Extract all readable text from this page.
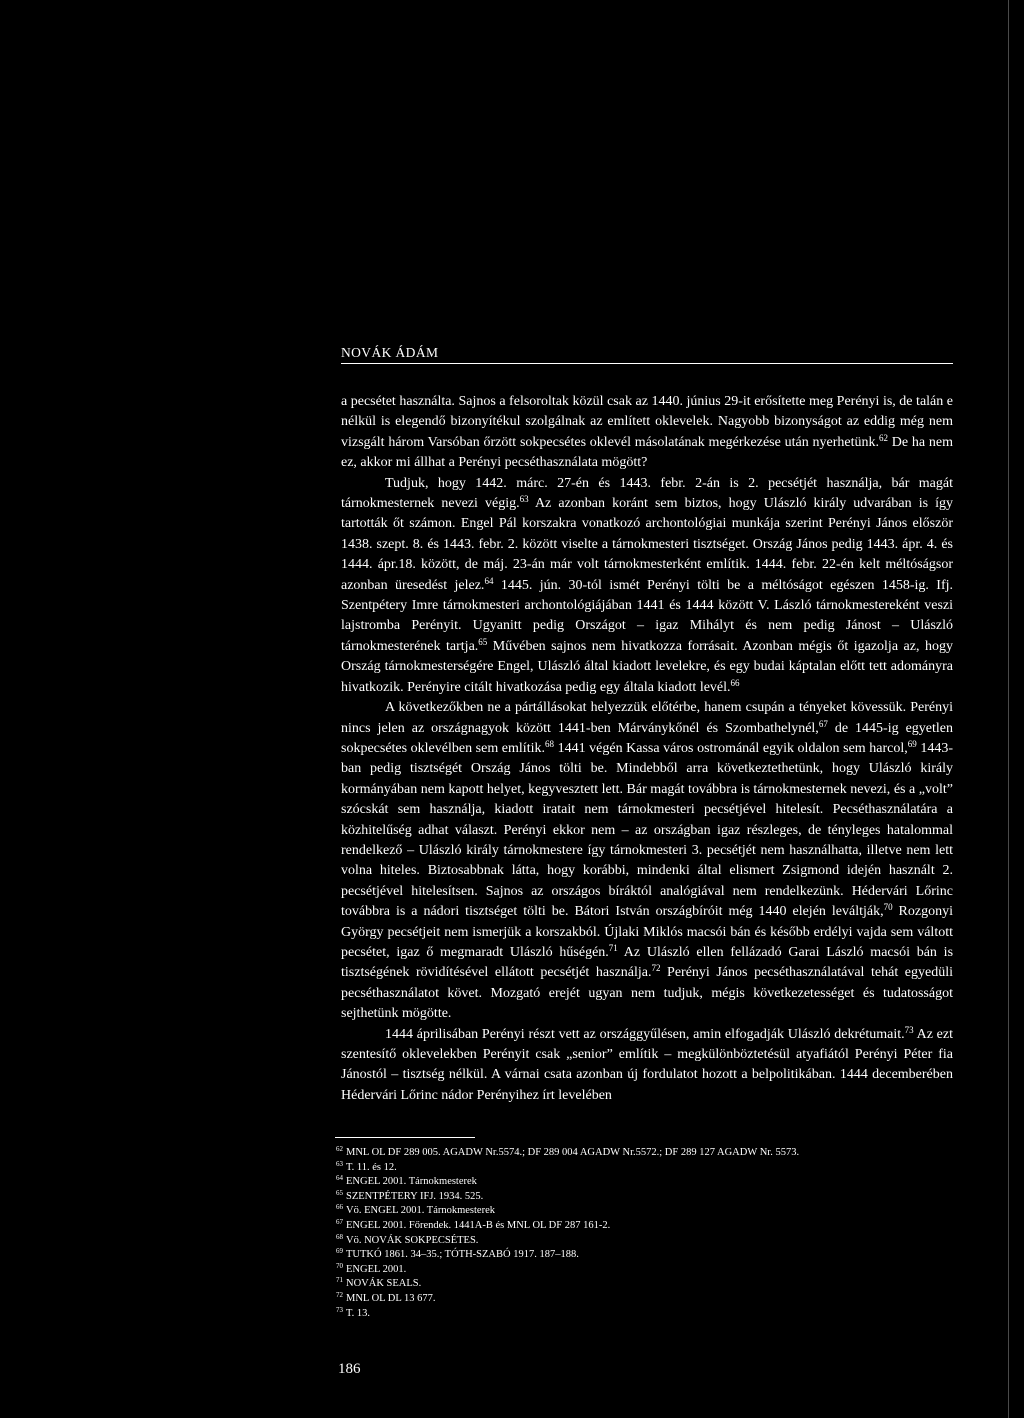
NOVÁK ÁDÁM

a pecsétet használta. Sajnos a felsoroltak közül csak az 1440. június 29-it erősítette meg Perényi is, de talán e nélkül is elegendő bizonyítékul szolgálnak az említett oklevelek. Nagyobb bizonyságot az eddig még nem vizsgált három Varsóban őrzött sokpecsétes oklevél másolatának megérkezése után nyerhetünk.$^{62}$ De ha nem ez, akkor mi állhat a Perényi pecséthasználata mögött?

Tudjuk, hogy 1442. márc. 27-én és 1443. febr. 2-án is 2. pecsétjét használja, bár magát tárnokmesternek nevezi végig.$^{63}$ Az azonban koránt sem biztos, hogy Ulászló király udvarában is így tartották őt számon. Engel Pál korszakra vonatkozó archontológiai munkája szerint Perényi János először 1438. szept. 8. és 1443. febr. 2. között viselte a tárnokmesteri tisztséget. Ország János pedig 1443. ápr. 4. és 1444. ápr.18. között, de máj. 23-án már volt tárnokmesterként említik. 1444. febr. 22-én kelt méltóságsor azonban üresedést jelez.$^{64}$ 1445. jún. 30-tól ismét Perényi tölti be a méltóságot egészen 1458-ig. Ifj. Szentpétery Imre tárnokmesteri archontológiájában 1441 és 1444 között V. László tárnokmestereként veszi lajstromba Perényit. Ugyanitt pedig Országot – igaz Mihályt és nem pedig Jánost – Ulászló tárnokmesterének tartja.$^{65}$ Művében sajnos nem hivatkozza forrásait. Azonban mégis őt igazolja az, hogy Ország tárnokmesterségére Engel, Ulászló által kiadott levelekre, és egy budai káptalan előtt tett adományra hivatkozik. Perényire citált hivatkozása pedig egy általa kiadott levél.$^{66}$

A következőkben ne a pártállásokat helyezzük előtérbe, hanem csupán a tényeket kövessük. Perényi nincs jelen az országnagyok között 1441-ben Márványkőnél és Szombathelynél,$^{67}$ de 1445-ig egyetlen sokpecsétes oklevélben sem említik.$^{68}$ 1441 végén Kassa város ostrománál egyik oldalon sem harcol,$^{69}$ 1443-ban pedig tisztségét Ország János tölti be. Mindebből arra következtethetünk, hogy Ulászló király kormányában nem kapott helyet, kegyvesztett lett. Bár magát továbbra is tárnokmesternek nevezi, és a „volt” szócskát sem használja, kiadott iratait nem tárnokmesteri pecsétjével hitelesít. Pecséthasználatára a közhitelűség adhat választ. Perényi ekkor nem – az országban igaz részleges, de tényleges hatalommal rendelkező – Ulászló király tárnokmestere így tárnokmesteri 3. pecsétjét nem használhatta, illetve nem lett volna hiteles. Biztosabbnak látta, hogy korábbi, mindenki által elismert Zsigmond idején használt 2. pecsétjével hitelesítsen. Sajnos az országos bíráktól analógiával nem rendelkezünk. Hédervári Lőrinc továbbra is a nádori tisztséget tölti be. Bátori István országbíróit még 1440 elején leváltják,$^{70}$ Rozgonyi György pecsétjeit nem ismerjük a korszakból. Újlaki Miklós macsói bán és később erdélyi vajda sem váltott pecsétet, igaz ő megmaradt Ulászló hűségén.$^{71}$ Az Ulászló ellen fellázadó Garai László macsói bán is tisztségének rövidítésével ellátott pecsétjét használja.$^{72}$ Perényi János pecséthasználatával tehát egyedüli pecséthasználatot követ. Mozgató erejét ugyan nem tudjuk, mégis következetességet és tudatosságot sejthetünk mögötte.

1444 áprilisában Perényi részt vett az országgyűlésen, amin elfogadják Ulászló dekrétumait.$^{73}$ Az ezt szentesítő oklevelekben Perényit csak „senior” említik – megkülönböztetésül atyafiától Perényi Péter fia Jánostól – tisztség nélkül. A várnai csata azonban új fordulatot hozott a belpolitikában. 1444 decemberében Hédervári Lőrinc nádor Perényihez írt levelében

$^{62}$ MNL OL DF 289 005. AGADW Nr.5574.; DF 289 004 AGADW Nr.5572.; DF 289 127 AGADW Nr. 5573.

$^{63}$ T. 11. és 12.

$^{64}$ ENGEL 2001. Tárnokmesterek

$^{65}$ SZENTPÉTERY IFJ. 1934. 525.

$^{66}$ Vö. ENGEL 2001. Tárnokmesterek

$^{67}$ ENGEL 2001. Főrendek. 1441A-B és MNL OL DF 287 161-2.

$^{68}$ Vö. NOVÁK SOKPECSÉTES.

$^{69}$ TUTKÓ 1861. 34–35.; TÓTH-SZABÓ 1917. 187–188.

$^{70}$ ENGEL 2001.

$^{71}$ NOVÁK SEALS.

$^{72}$ MNL OL DL 13 677.

$^{73}$ T. 13.

186
